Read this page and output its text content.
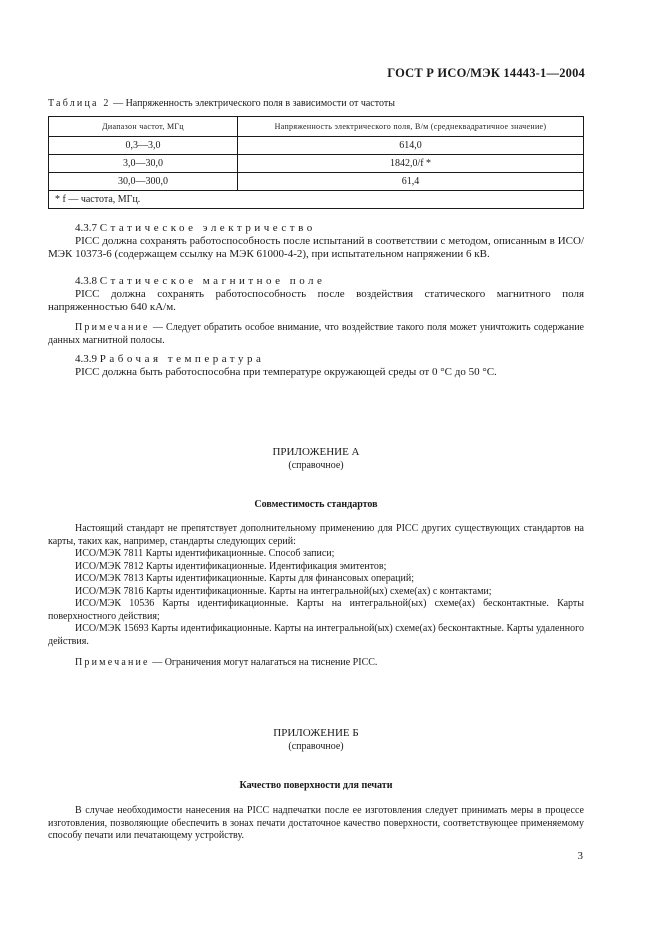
ГОСТ Р ИСО/МЭК 14443-1—2004
Таблица 2 — Напряженность электрического поля в зависимости от частоты
Диапазон частот, МГц	Напряженность электрического поля, В/м (среднеквадратичное значение)
0,3—3,0	614,0
3,0—30,0	1842,0/f *
30,0—300,0	61,4
* f — частота, МГц.	
4.3.7 Статическое электричество
PICC должна сохранять работоспособность после испытаний в соответствии с методом, описанным в ИСО/МЭК 10373-6 (содержащем ссылку на МЭК 61000-4-2), при испытательном напряжении 6 кВ.
4.3.8 Статическое магнитное поле
PICC должна сохранять работоспособность после воздействия статического магнитного поля напряженностью 640 кА/м.
Примечание — Следует обратить особое внимание, что воздействие такого поля может уничтожить содержание данных магнитной полосы.
4.3.9 Рабочая температура
PICC должна быть работоспособна при температуре окружающей среды от 0 °С до 50 °С.
ПРИЛОЖЕНИЕ А
(справочное)
Совместимость стандартов
Настоящий стандарт не препятствует дополнительному применению для PICC других существующих стандартов на карты, таких как, например, стандарты следующих серий:
ИСО/МЭК 7811 Карты идентификационные. Способ записи;
ИСО/МЭК 7812 Карты идентификационные. Идентификация эмитентов;
ИСО/МЭК 7813 Карты идентификационные. Карты для финансовых операций;
ИСО/МЭК 7816 Карты идентификационные. Карты на интегральной(ых) схеме(ах) с контактами;
ИСО/МЭК 10536 Карты идентификационные. Карты на интегральной(ых) схеме(ах) бесконтактные. Карты поверхностного действия;
ИСО/МЭК 15693 Карты идентификационные. Карты на интегральной(ых) схеме(ах) бесконтактные. Карты удаленного действия.
Примечание — Ограничения могут налагаться на тиснение PICC.
ПРИЛОЖЕНИЕ Б
(справочное)
Качество поверхности для печати
В случае необходимости нанесения на PICC надпечатки после ее изготовления следует принимать меры в процессе изготовления, позволяющие обеспечить в зонах печати достаточное качество поверхности, соответствующее применяемому способу печати или печатающему устройству.
3
